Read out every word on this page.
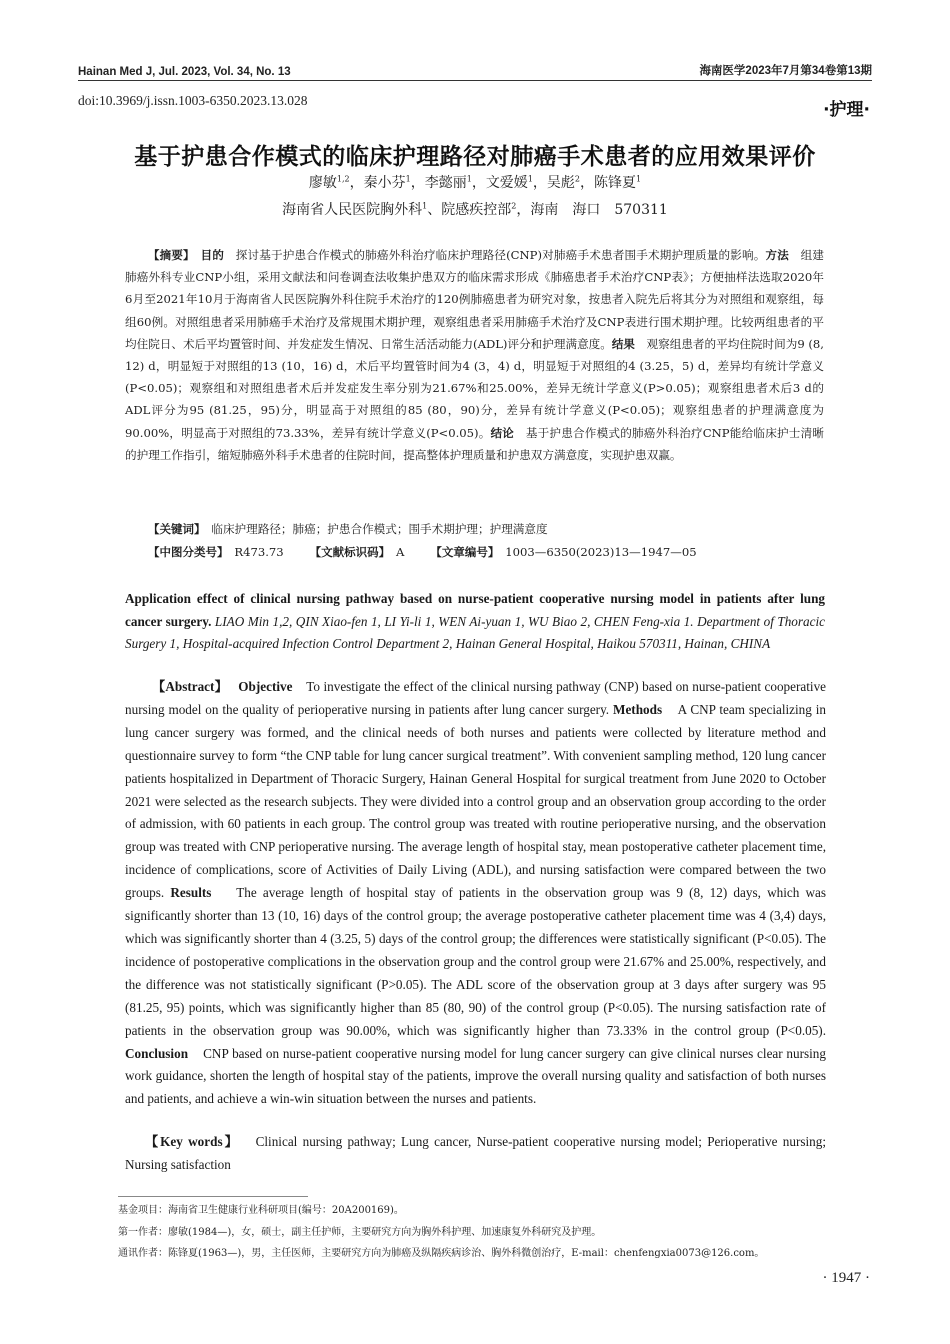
Hainan Med J, Jul. 2023, Vol. 34, No. 13	海南医学2023年7月第34卷第13期
doi:10.3969/j.issn.1003-6350.2023.13.028	·护理·
基于护患合作模式的临床护理路径对肺癌手术患者的应用效果评价
廖敏$^{1,2}$，秦小芬$^1$，李懿丽$^1$，文爱媛$^1$，吴彪$^2$，陈锋夏$^1$
海南省人民医院胸外科$^1$、院感疾控部$^2$，海南　海口　570311

【摘要】　 目的　 探讨基于护患合作模式的肺癌外科治疗临床护理路径(CNP)对肺癌手术患者围手术期护理质量的影响。方法　 组建肺癌外科专业CNP小组，采用文献法和问卷调查法收集护患双方的临床需求形成《肺癌患者手术治疗CNP表》；方便抽样法选取2020年6月至2021年10月于海南省人民医院胸外科住院手术治疗的120例肺癌患者为研究对象，按患者入院先后将其分为对照组和观察组，每组60例。对照组患者采用肺癌手术治疗及常规围术期护理，观察组患者采用肺癌手术治疗及CNP表进行围术期护理。比较两组患者的平均住院日、术后平均置管时间、并发症发生情况、日常生活活动能力(ADL)评分和护理满意度。结果　 观察组患者的平均住院时间为9 (8, 12) d，明显短于对照组的13 (10，16) d，术后平均置管时间为4 (3，4) d，明显短于对照组的4 (3.25，5) d，差异均有统计学意义(P<0.05)；观察组和对照组患者术后并发症发生率分别为21.67%和25.00%，差异无统计学意义(P>0.05)；观察组患者术后3 d的ADL评分为95 (81.25，95)分，明显高于对照组的85 (80，90)分，差异有统计学意义(P<0.05)；观察组患者的护理满意度为90.00%，明显高于对照组的73.33%，差异有统计学意义(P<0.05)。结论　 基于护患合作模式的肺癌外科治疗CNP能给临床护士清晰的护理工作指引，缩短肺癌外科手术患者的住院时间，提高整体护理质量和护患双方满意度，实现护患双赢。

【关键词】　 临床护理路径；肺癌；护患合作模式；围手术期护理；护理满意度

【中图分类号】　 R473.73 【文献标识码】　 A 【文章编号】　 1003—6350(2023)13—1947—05

Application effect of clinical nursing pathway based on nurse-patient cooperative nursing model in patients after lung cancer surgery. LIAO Min 1,2, QIN Xiao-fen 1, LI Yi-li 1, WEN Ai-yuan 1, WU Biao 2, CHEN Feng-xia 1. Department of Thoracic Surgery 1, Hospital-acquired Infection Control Department 2, Hainan General Hospital, Haikou 570311, Hainan, CHINA

【Abstract】 Objective To investigate the effect of the clinical nursing pathway (CNP) based on nurse-patient cooperative nursing model on the quality of perioperative nursing in patients after lung cancer surgery. Methods A CNP team specializing in lung cancer surgery was formed, and the clinical needs of both nurses and patients were collected by literature method and questionnaire survey to form “the CNP table for lung cancer surgical treatment”. With convenient sampling method, 120 lung cancer patients hospitalized in Department of Thoracic Surgery, Hainan General Hospital for surgical treatment from June 2020 to October 2021 were selected as the research subjects. They were divided into a control group and an observation group according to the order of admission, with 60 patients in each group. The control group was treated with routine perioperative nursing, and the observation group was treated with CNP perioperative nursing. The average length of hospital stay, mean postoperative catheter placement time, incidence of complications, score of Activities of Daily Living (ADL), and nursing satisfaction were compared between the two groups. Results The average length of hospital stay of patients in the observation group was 9 (8, 12) days, which was significantly shorter than 13 (10, 16) days of the control group; the average postoperative catheter placement time was 4 (3,4) days, which was significantly shorter than 4 (3.25, 5) days of the control group; the differences were statistically significant (P<0.05). The incidence of postoperative complications in the observation group and the control group were 21.67% and 25.00%, respectively, and the difference was not statistically significant (P>0.05). The ADL score of the observation group at 3 days after surgery was 95 (81.25, 95) points, which was significantly higher than 85 (80, 90) of the control group (P<0.05). The nursing satisfaction rate of patients in the observation group was 90.00%, which was significantly higher than 73.33% in the control group (P<0.05). Conclusion CNP based on nurse-patient cooperative nursing model for lung cancer surgery can give clinical nurses clear nursing work guidance, shorten the length of hospital stay of the patients, improve the overall nursing quality and satisfaction of both nurses and patients, and achieve a win-win situation between the nurses and patients.

【Key words】 Clinical nursing pathway; Lung cancer, Nurse-patient cooperative nursing model; Perioperative nursing; Nursing satisfaction

基金项目：海南省卫生健康行业科研项目(编号：20A200169)。
第一作者：廖敏(1984—)，女，硕士，副主任护师，主要研究方向为胸外科护理、加速康复外科研究及护理。
通讯作者：陈锋夏(1963—)，男，主任医师，主要研究方向为肺癌及纵隔疾病诊治、胸外科微创治疗，E-mail：chenfengxia0073@126.com。
· 1947 ·
